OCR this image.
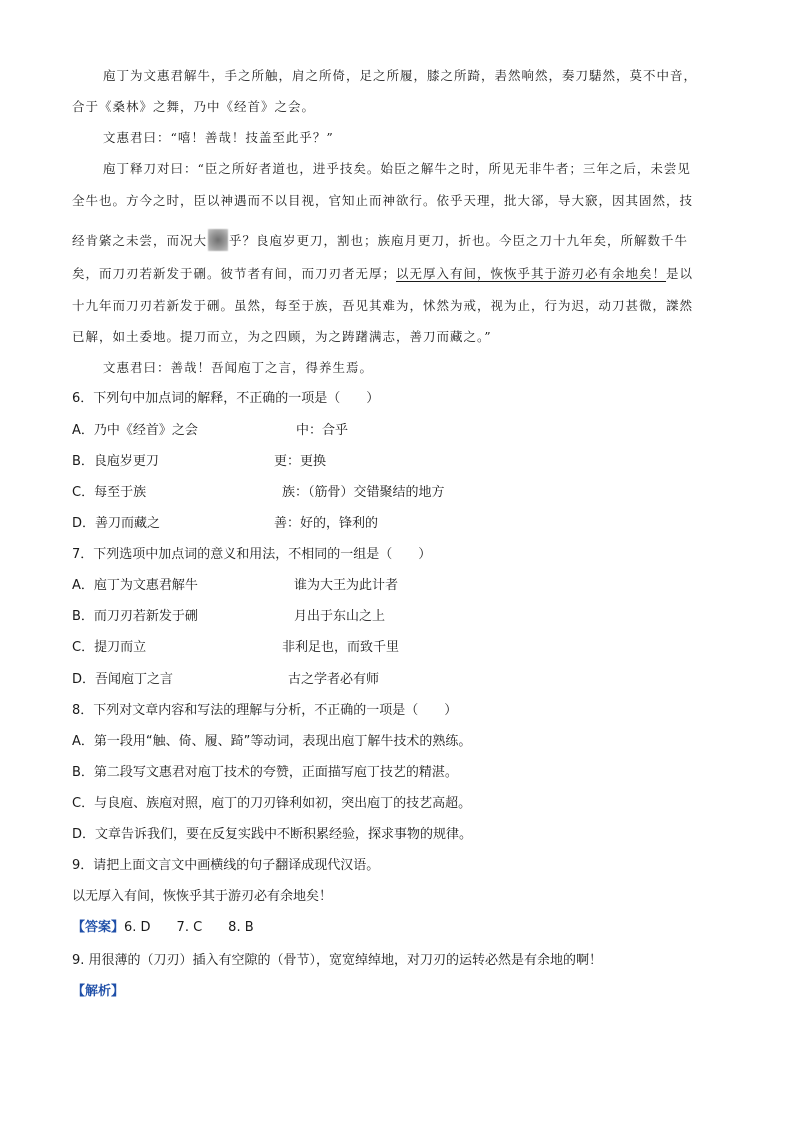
庖丁为文惠君解牛，手之所触，肩之所倚，足之所履，膝之所踦，砉然响然，奏刀騞然，莫不中音，
合于《桑林》之舞，乃中《经首》之会。
文惠君曰：“嘻！善哉！技盖至此乎？”
庖丁释刀对曰：“臣之所好者道也，进乎技矣。始臣之解牛之时，所见无非牛者；三年之后，未尝见
全牛也。方今之时，臣以神遇而不以目视，官知止而神欲行。依乎天理，批大郤，导大窾，因其固然，技
经肯綮之未尝，而况大 乎？良庖岁更刀，割也；族庖月更刀，折也。今臣之刀十九年矣，所解数千牛
矣，而刀刃若新发于硎。彼节者有间，而刀刃者无厚；以无厚入有间，恢恢乎其于游刃必有余地矣！是以
十九年而刀刃若新发于硎。虽然，每至于族，吾见其难为，怵然为戒，视为止，行为迟，动刀甚微，謋然
已解，如土委地。提刀而立，为之四顾，为之踌躇满志，善刀而藏之。”
文惠君曰：善哉！吾闻庖丁之言，得养生焉。
6．下列句中加点词的解释，不正确的一项是（　　）
A．乃中《经首》之会	中：合乎
B．良庖岁更刀	更：更换
C．每至于族	族：（筋骨）交错聚结的地方
D．善刀而藏之	善：好的，锋利的
7．下列选项中加点词的意义和用法，不相同的一组是（　　）
A．庖丁为文惠君解牛	谁为大王为此计者
B．而刀刃若新发于硎	月出于东山之上
C．提刀而立	非利足也，而致千里
D．吾闻庖丁之言	古之学者必有师
8．下列对文章内容和写法的理解与分析，不正确的一项是（　　）
A．第一段用“触、倚、履、踦”等动词，表现出庖丁解牛技术的熟练。
B．第二段写文惠君对庖丁技术的夸赞，正面描写庖丁技艺的精湛。
C．与良庖、族庖对照，庖丁的刀刃锋利如初，突出庖丁的技艺高超。
D．文章告诉我们，要在反复实践中不断积累经验，探求事物的规律。
9．请把上面文言文中画横线的句子翻译成现代汉语。
以无厚入有间，恢恢乎其于游刃必有余地矣！
【答案】6. D　　7. C　　8. B
9. 用很薄的（刀刃）插入有空隙的（骨节），宽宽绰绰地，对刀刃的运转必然是有余地的啊！
【解析】
